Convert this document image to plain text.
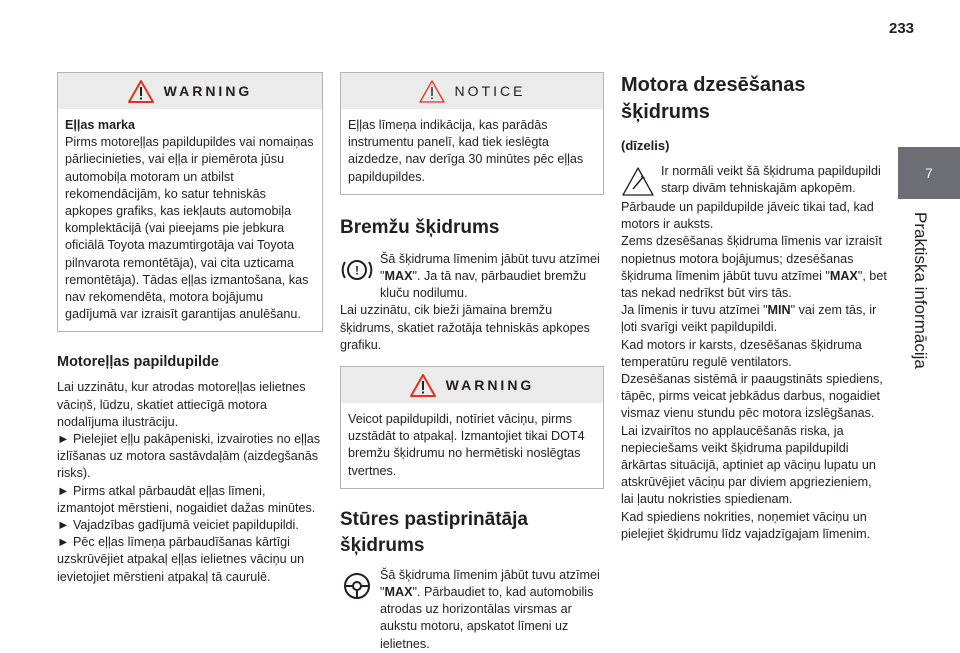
233
7
Praktiska informācija
WARNING

Eļļas marka

Pirms motoreļļas papildupildes vai nomaiņas pārliecinieties, vai eļļa ir piemērota jūsu automobiļa motoram un atbilst rekomendācijām, ko satur tehniskās apkopes grafiks, kas iekļauts automobiļa komplektācijā (vai pieejams pie jebkura oficiālā Toyota mazumtirgotāja vai Toyota pilnvarota remontētāja), vai cita uzticama remontētāja). Tādas eļļas izmantošana, kas nav rekomendēta, motora bojājumu gadījumā var izraisīt garantijas anulēšanu.

Motoreļļas papildupilde

Lai uzzinātu, kur atrodas motoreļļas ielietnes vāciņš, lūdzu, skatiet attiecīgā motora nodalījuma ilustrāciju.

► Pielejiet eļļu pakāpeniski, izvairoties no eļļas izlīšanas uz motora sastāvdaļām (aizdegšanās risks).

► Pirms atkal pārbaudāt eļļas līmeni, izmantojot mērstieni, nogaidiet dažas minūtes.

► Vajadzības gadījumā veiciet papildupildi.

► Pēc eļļas līmeņa pārbaudīšanas kārtīgi uzskrūvējiet atpakaļ eļļas ielietnes vāciņu un ievietojiet mērstieni atpakaļ tā caurulē.

NOTICE

Eļļas līmeņa indikācija, kas parādās instrumentu panelī, kad tiek ieslēgta aizdedze, nav derīga 30 minūtes pēc eļļas papildupildes.

Bremžu šķidrums
!

Šā šķidruma līmenim jābūt tuvu atzīmei "MAX". Ja tā nav, pārbaudiet bremžu kluču nodilumu.

Lai uzzinātu, cik bieži jāmaina bremžu šķidrums, skatiet ražotāja tehniskās apkopes grafiku.

WARNING

Veicot papildupildi, notīriet vāciņu, pirms uzstādāt to atpakaļ. Izmantojiet tikai DOT4 bremžu šķidrumu no hermētiski noslēgtas tvertnes.

Stūres pastiprinātāja
šķidrums

Šā šķidruma līmenim jābūt tuvu atzīmei "MAX". Pārbaudiet to, kad automobilis atrodas uz horizontālas virsmas ar aukstu motoru, apskatot līmeni uz ielietnes.

Motora dzesēšanas
šķidrums
(dīzelis)

Ir normāli veikt šā šķidruma papildupildi starp divām tehniskajām apkopēm.

Pārbaude un papildupilde jāveic tikai tad, kad motors ir auksts.

Zems dzesēšanas šķidruma līmenis var izraisīt nopietnus motora bojājumus; dzesēšanas šķidruma līmenim jābūt tuvu atzīmei "MAX", bet tas nekad nedrīkst būt virs tās.

Ja līmenis ir tuvu atzīmei "MIN" vai zem tās, ir ļoti svarīgi veikt papildupildi.

Kad motors ir karsts, dzesēšanas šķidruma temperatūru regulē ventilators.

Dzesēšanas sistēmā ir paaugstināts spiediens, tāpēc, pirms veicat jebkādus darbus, nogaidiet vismaz vienu stundu pēc motora izslēgšanas.

Lai izvairītos no applaucēšanās riska, ja nepieciešams veikt šķidruma papildupildi ārkārtas situācijā, aptiniet ap vāciņu lupatu un atskrūvējiet vāciņu par diviem apgriezieniem, lai ļautu nokristies spiedienam.

Kad spiediens nokrities, noņemiet vāciņu un pielejiet šķidrumu līdz vajadzīgajam līmenim.
